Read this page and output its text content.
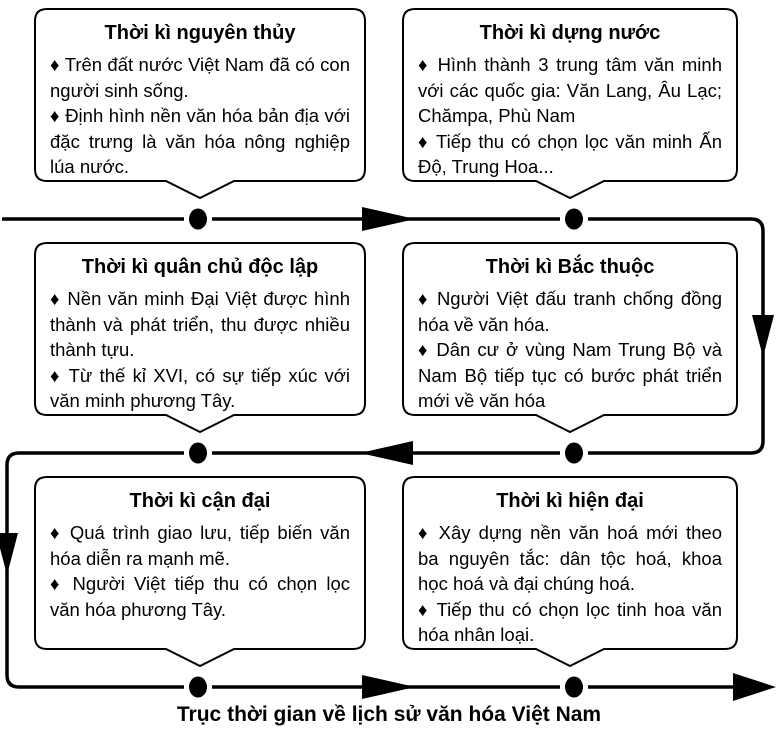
Thời kì nguyên thủy

♦ Trên đất nước Việt Nam đã có con người sinh sống.

♦ Định hình nền văn hóa bản địa với đặc trưng là văn hóa nông nghiệp lúa nước.

Thời kì dựng nước

♦ Hình thành 3 trung tâm văn minh với các quốc gia: Văn Lang, Âu Lạc; Chămpa, Phù Nam

♦ Tiếp thu có chọn lọc văn minh Ấn Độ, Trung Hoa...

Thời kì quân chủ độc lập

♦ Nền văn minh Đại Việt được hình thành và phát triển, thu được nhiều thành tựu.

♦ Từ thế kỉ XVI, có sự tiếp xúc với văn minh phương Tây.

Thời kì Bắc thuộc

♦ Người Việt đấu tranh chống đồng hóa về văn hóa.

♦ Dân cư ở vùng Nam Trung Bộ và Nam Bộ tiếp tục có bước phát triển mới về văn hóa

Thời kì cận đại

♦ Quá trình giao lưu, tiếp biến văn hóa diễn ra mạnh mẽ.

♦ Người Việt tiếp thu có chọn lọc văn hóa phương Tây.

Thời kì hiện đại

♦ Xây dựng nền văn hoá mới theo ba nguyên tắc: dân tộc hoá, khoa học hoá và đại chúng hoá.

♦ Tiếp thu có chọn lọc tinh hoa văn hóa nhân loại.

Trục thời gian về lịch sử văn hóa Việt Nam
